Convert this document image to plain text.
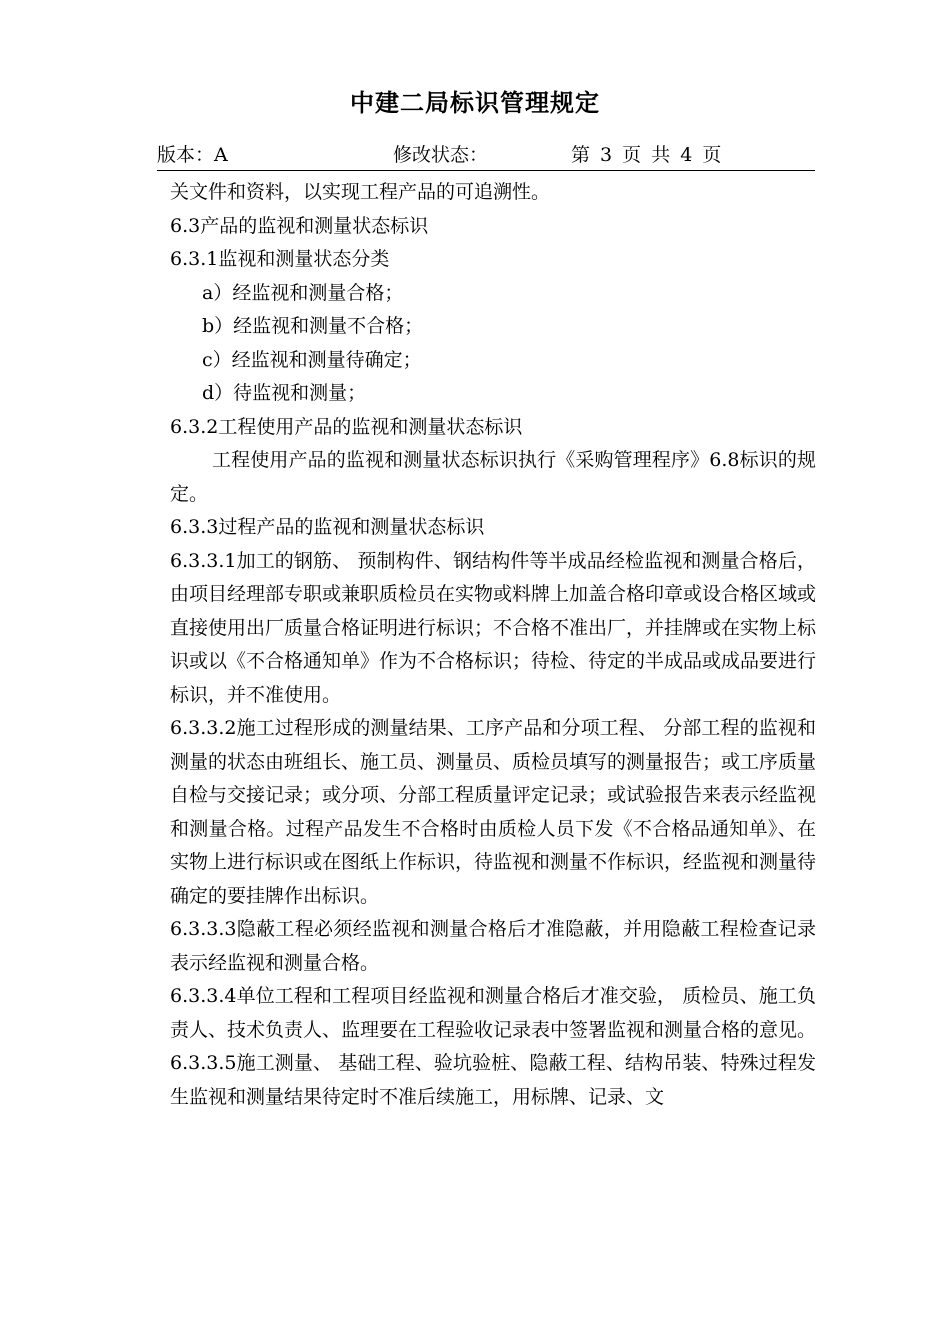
中建二局标识管理规定
版本：A	修改状态：	第 3 页 共 4 页

关文件和资料，以实现工程产品的可追溯性。

6.3产品的监视和测量状态标识

6.3.1监视和测量状态分类

a）经监视和测量合格；

b）经监视和测量不合格；

c）经监视和测量待确定；

d）待监视和测量；

6.3.2工程使用产品的监视和测量状态标识

工程使用产品的监视和测量状态标识执行《采购管理程序》6.8标识的规定。

6.3.3过程产品的监视和测量状态标识

6.3.3.1加工的钢筋、 预制构件、钢结构件等半成品经检监视和测量合格后，由项目经理部专职或兼职质检员在实物或料牌上加盖合格印章或设合格区域或直接使用出厂质量合格证明进行标识；不合格不准出厂，并挂牌或在实物上标识或以《不合格通知单》作为不合格标识；待检、待定的半成品或成品要进行标识，并不准使用。

6.3.3.2施工过程形成的测量结果、工序产品和分项工程、 分部工程的监视和测量的状态由班组长、施工员、测量员、质检员填写的测量报告；或工序质量自检与交接记录；或分项、分部工程质量评定记录；或试验报告来表示经监视和测量合格。过程产品发生不合格时由质检人员下发《不合格品通知单》、在实物上进行标识或在图纸上作标识，待监视和测量不作标识，经监视和测量待确定的要挂牌作出标识。

6.3.3.3隐蔽工程必须经监视和测量合格后才准隐蔽，并用隐蔽工程检查记录表示经监视和测量合格。

6.3.3.4单位工程和工程项目经监视和测量合格后才准交验， 质检员、施工负责人、技术负责人、监理要在工程验收记录表中签署监视和测量合格的意见。

6.3.3.5施工测量、 基础工程、验坑验桩、隐蔽工程、结构吊装、特殊过程发生监视和测量结果待定时不准后续施工，用标牌、记录、文
